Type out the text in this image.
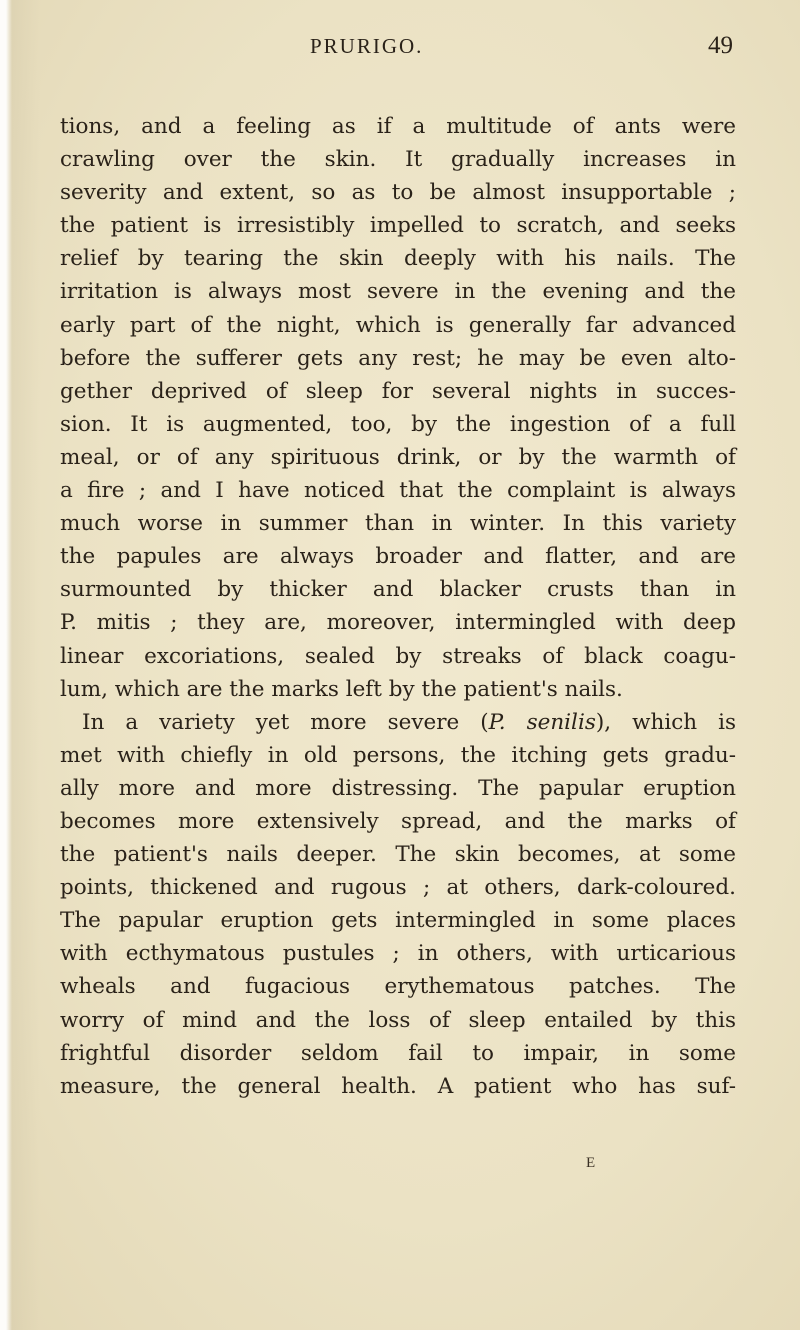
PRURIGO.	49
tions, and a feeling as if a multitude of ants were
crawling over the skin. It gradually increases in
severity and extent, so as to be almost insupportable ;
the patient is irresistibly impelled to scratch, and seeks
relief by tearing the skin deeply with his nails. The
irritation is always most severe in the evening and the
early part of the night, which is generally far advanced
before the sufferer gets any rest; he may be even alto-
gether deprived of sleep for several nights in succes-
sion. It is augmented, too, by the ingestion of a full
meal, or of any spirituous drink, or by the warmth of
a fire ; and I have noticed that the complaint is always
much worse in summer than in winter. In this variety
the papules are always broader and flatter, and are
surmounted by thicker and blacker crusts than in
P. mitis ; they are, moreover, intermingled with deep
linear excoriations, sealed by streaks of black coagu-
lum, which are the marks left by the patient's nails.
In a variety yet more severe (P. senilis), which is
met with chiefly in old persons, the itching gets gradu-
ally more and more distressing. The papular eruption
becomes more extensively spread, and the marks of
the patient's nails deeper. The skin becomes, at some
points, thickened and rugous ; at others, dark-coloured.
The papular eruption gets intermingled in some places
with ecthymatous pustules ; in others, with urticarious
wheals and fugacious erythematous patches. The
worry of mind and the loss of sleep entailed by this
frightful disorder seldom fail to impair, in some
measure, the general health. A patient who has suf-
E
